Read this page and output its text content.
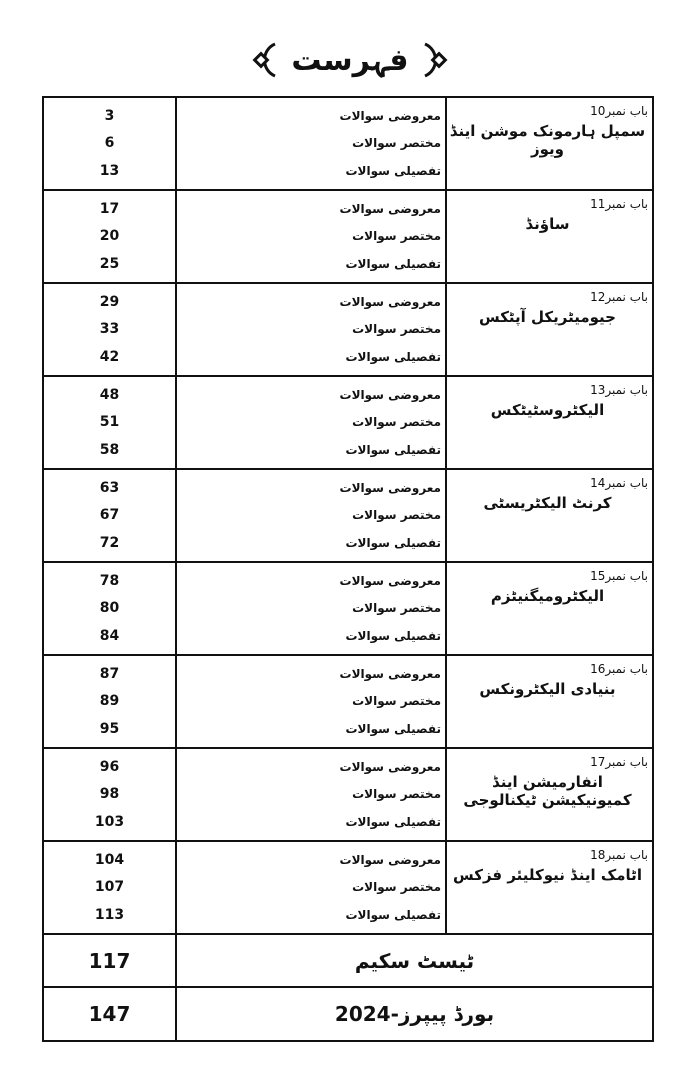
فہرست
3
6
13
معروضی سوالات
مختصر سوالات
تفصیلی سوالات
باب نمبر10
سمپل ہارمونک موشن اینڈ ویوز
17
20
25
معروضی سوالات
مختصر سوالات
تفصیلی سوالات
باب نمبر11
ساؤنڈ
29
33
42
معروضی سوالات
مختصر سوالات
تفصیلی سوالات
باب نمبر12
جیومیٹریکل آپٹکس
48
51
58
معروضی سوالات
مختصر سوالات
تفصیلی سوالات
باب نمبر13
الیکٹروسٹیٹکس
63
67
72
معروضی سوالات
مختصر سوالات
تفصیلی سوالات
باب نمبر14
کرنٹ الیکٹریسٹی
78
80
84
معروضی سوالات
مختصر سوالات
تفصیلی سوالات
باب نمبر15
الیکٹرومیگنیٹزم
87
89
95
معروضی سوالات
مختصر سوالات
تفصیلی سوالات
باب نمبر16
بنیادی الیکٹرونکس
96
98
103
معروضی سوالات
مختصر سوالات
تفصیلی سوالات
باب نمبر17
انفارمیشن اینڈ کمیونیکیشن ٹیکنالوجی
104
107
113
معروضی سوالات
مختصر سوالات
تفصیلی سوالات
باب نمبر18
اٹامک اینڈ نیوکلیئر فزکس
117	ٹیسٹ سکیم
147	بورڈ پیپرز-2024
